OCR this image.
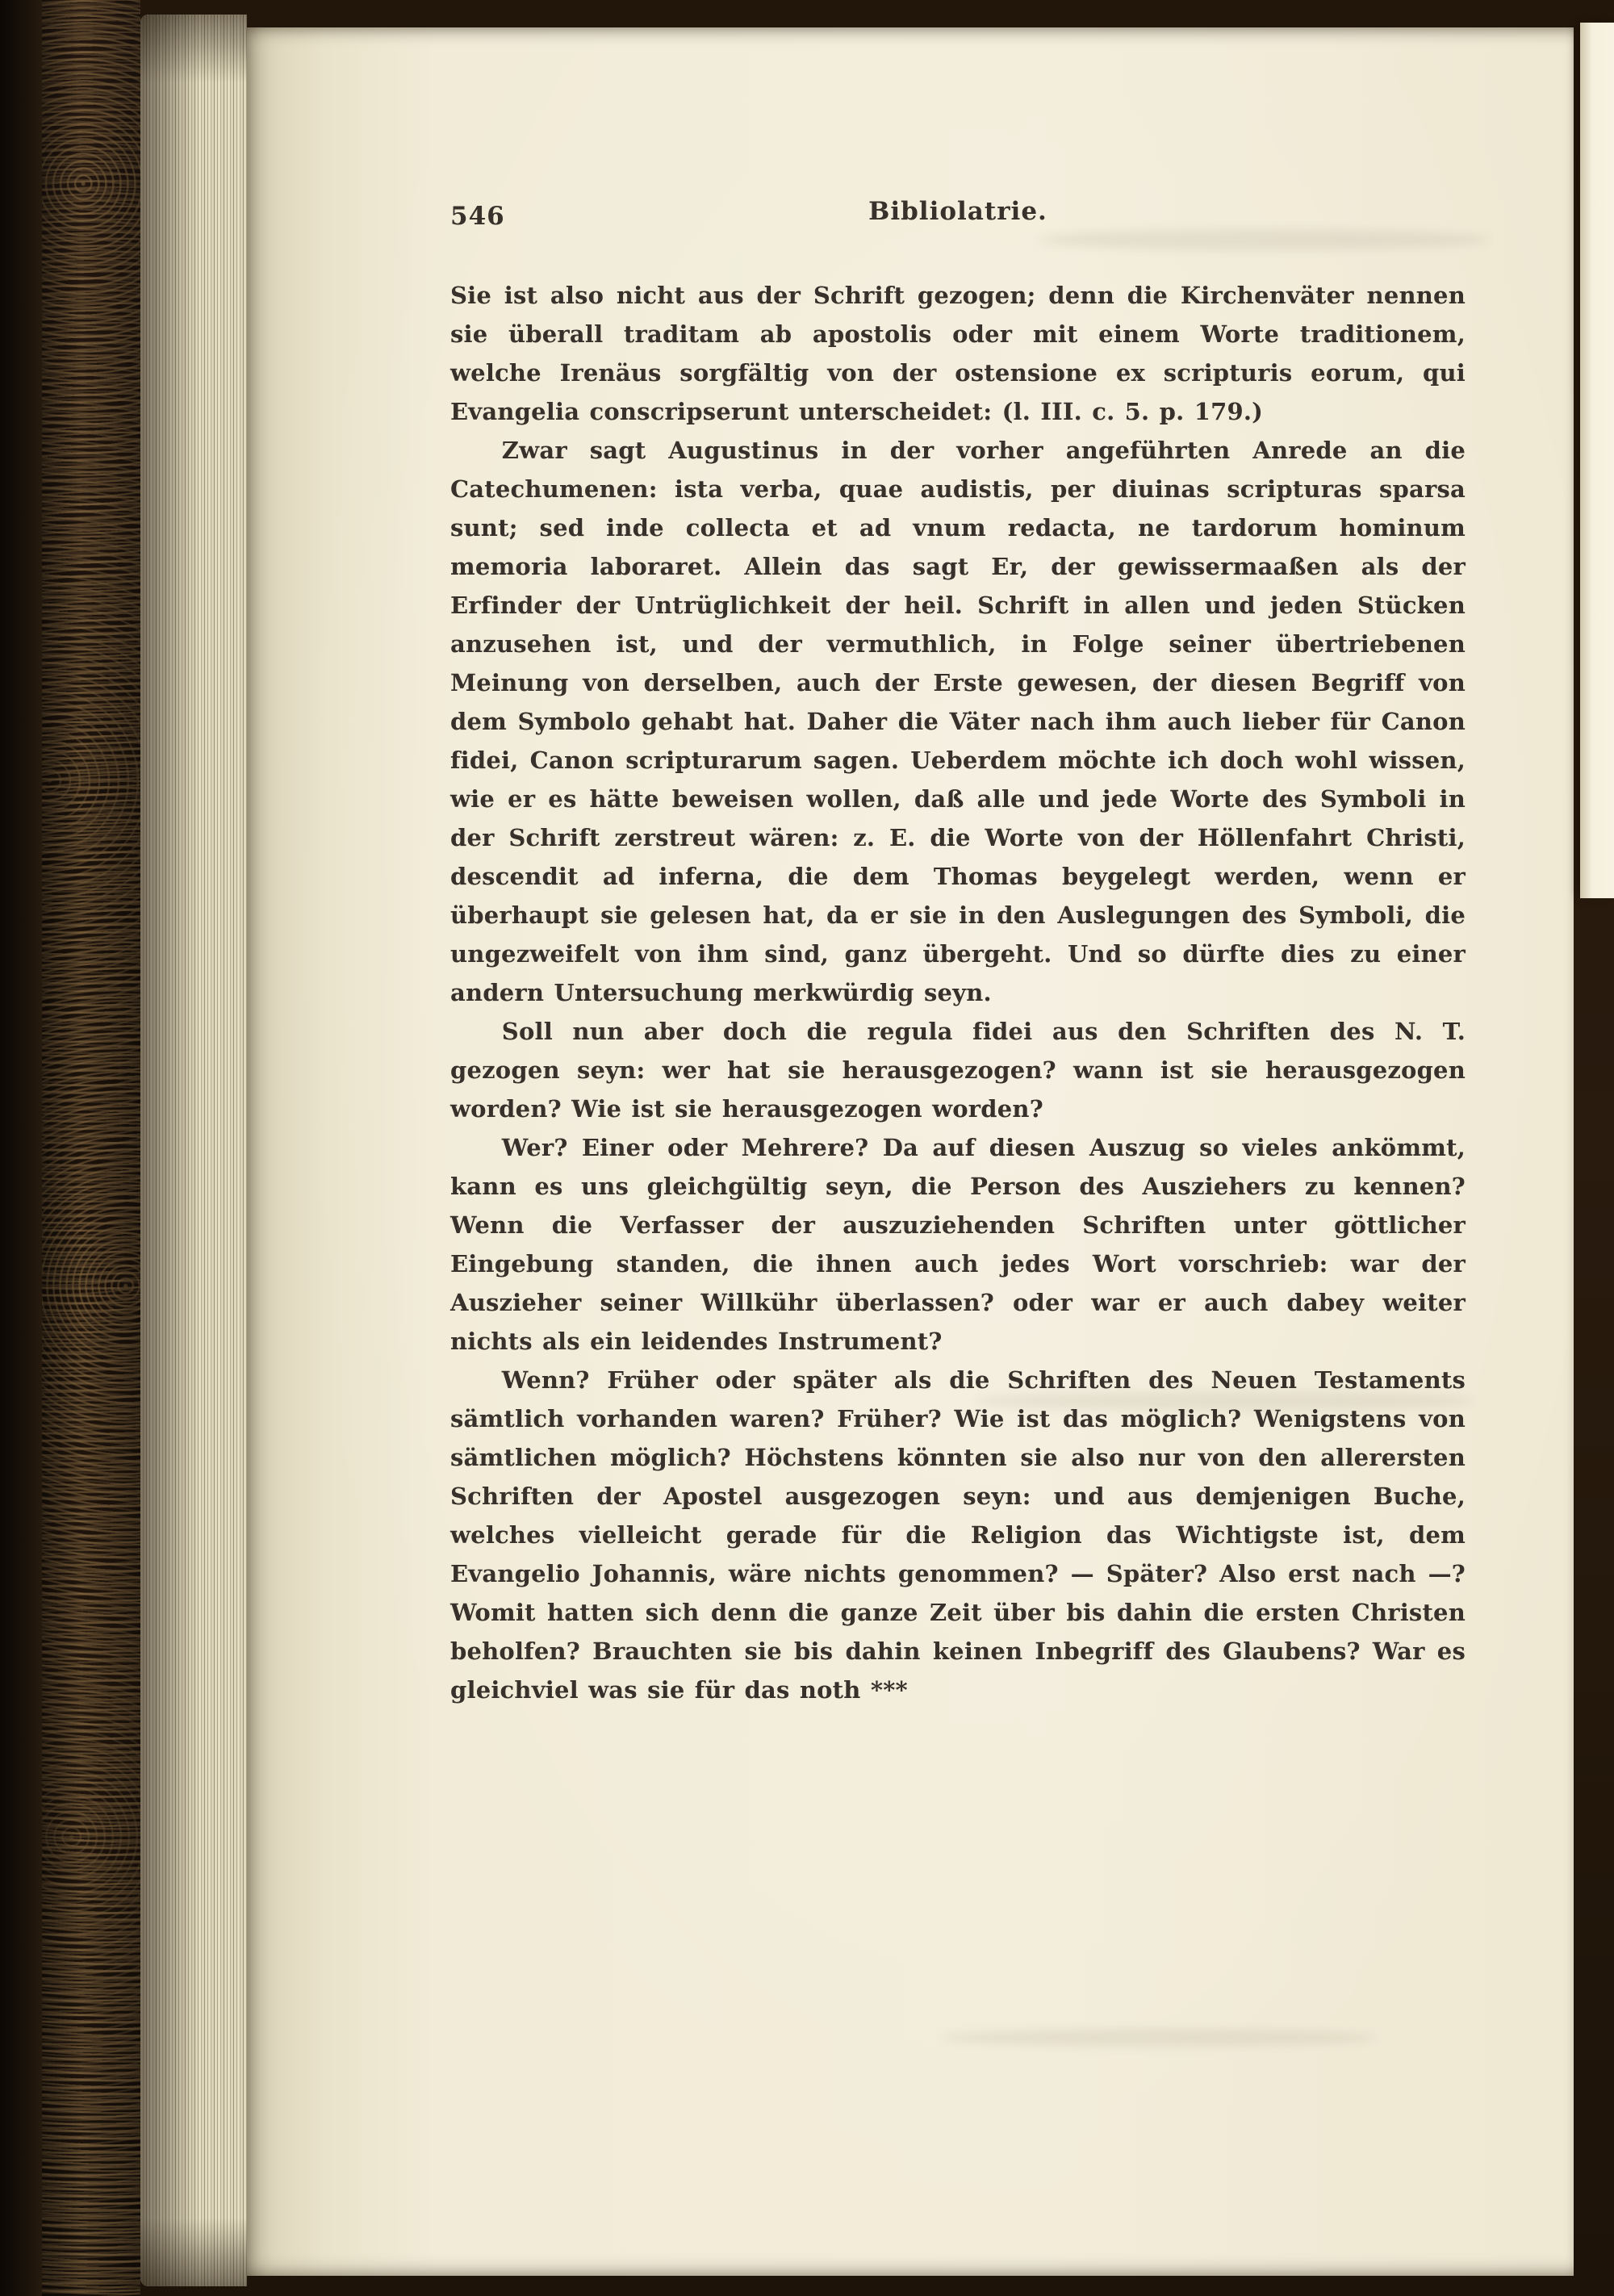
546	Bibliolatrie.

Sie ist also nicht aus der Schrift gezogen; denn die Kirchenväter nennen sie überall traditam ab apostolis oder mit einem Worte traditionem, welche Irenäus sorgfältig von der ostensione ex scripturis eorum, qui Evangelia conscripserunt unterscheidet: (l. III. c. 5. p. 179.)

Zwar sagt Augustinus in der vorher angeführten Anrede an die Catechumenen: ista verba, quae audistis, per diuinas scripturas sparsa sunt; sed inde collecta et ad vnum redacta, ne tardorum hominum memoria laboraret. Allein das sagt Er, der gewissermaaßen als der Erfinder der Untrüglichkeit der heil. Schrift in allen und jeden Stücken anzusehen ist, und der vermuthlich, in Folge seiner übertriebenen Meinung von derselben, auch der Erste gewesen, der diesen Begriff von dem Symbolo gehabt hat. Daher die Väter nach ihm auch lieber für Canon fidei, Canon scripturarum sagen. Ueberdem möchte ich doch wohl wissen, wie er es hätte beweisen wollen, daß alle und jede Worte des Symboli in der Schrift zerstreut wären: z. E. die Worte von der Höllenfahrt Christi, descendit ad inferna, die dem Thomas beygelegt werden, wenn er überhaupt sie gelesen hat, da er sie in den Auslegungen des Symboli, die ungezweifelt von ihm sind, ganz übergeht. Und so dürfte dies zu einer andern Untersuchung merkwürdig seyn.

Soll nun aber doch die regula fidei aus den Schriften des N. T. gezogen seyn: wer hat sie herausgezogen? wann ist sie herausgezogen worden? Wie ist sie herausgezogen worden?

Wer? Einer oder Mehrere? Da auf diesen Auszug so vieles ankömmt, kann es uns gleichgültig seyn, die Person des Ausziehers zu kennen? Wenn die Verfasser der auszuziehenden Schriften unter göttlicher Eingebung standen, die ihnen auch jedes Wort vorschrieb: war der Auszieher seiner Willkühr überlassen? oder war er auch dabey weiter nichts als ein leidendes Instrument?

Wenn? Früher oder später als die Schriften des Neuen Testaments sämtlich vorhanden waren? Früher? Wie ist das möglich? Wenigstens von sämtlichen möglich? Höchstens könnten sie also nur von den allerersten Schriften der Apostel ausgezogen seyn: und aus demjenigen Buche, welches vielleicht gerade für die Religion das Wichtigste ist, dem Evangelio Johannis, wäre nichts genommen? — Später? Also erst nach —? Womit hatten sich denn die ganze Zeit über bis dahin die ersten Christen beholfen? Brauchten sie bis dahin keinen Inbegriff des Glaubens? War es gleichviel was sie für das noth ***
